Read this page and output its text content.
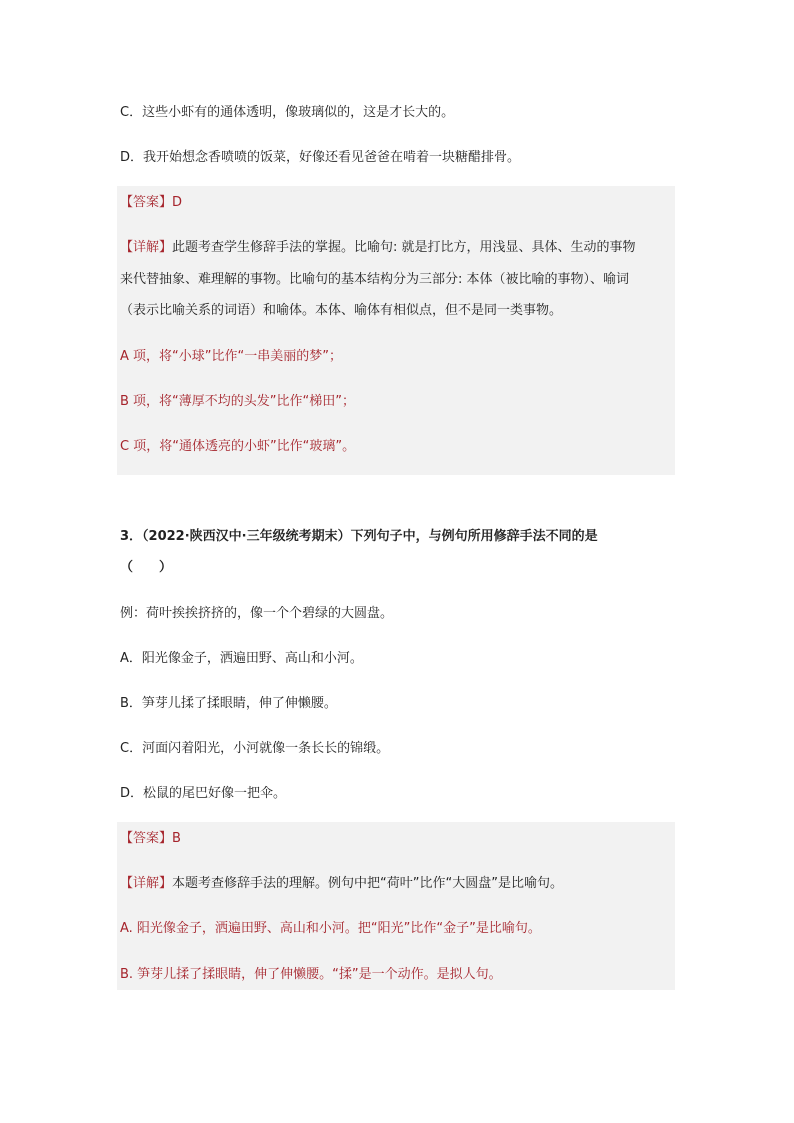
C．这些小虾有的通体透明，像玻璃似的，这是才长大的。
D．我开始想念香喷喷的饭菜，好像还看见爸爸在啃着一块糖醋排骨。
【答案】D
【详解】此题考查学生修辞手法的掌握。比喻句: 就是打比方，用浅显、具体、生动的事物
来代替抽象、难理解的事物。比喻句的基本结构分为三部分: 本体（被比喻的事物）、喻词
（表示比喻关系的词语）和喻体。本体、喻体有相似点，但不是同一类事物。
A 项，将“小球”比作“一串美丽的梦”；
B 项，将“薄厚不均的头发”比作“梯田”；
C 项，将“通体透亮的小虾”比作“玻璃”。
3．（2022·陕西汉中·三年级统考期末）下列句子中，与例句所用修辞手法不同的是
（　　）
例：荷叶挨挨挤挤的，像一个个碧绿的大圆盘。
A．阳光像金子，洒遍田野、高山和小河。
B．笋芽儿揉了揉眼睛，伸了伸懒腰。
C．河面闪着阳光，小河就像一条长长的锦缎。
D．松鼠的尾巴好像一把伞。
【答案】B
【详解】本题考查修辞手法的理解。例句中把“荷叶”比作“大圆盘”是比喻句。
A. 阳光像金子，洒遍田野、高山和小河。把“阳光”比作“金子”是比喻句。
B. 笋芽儿揉了揉眼睛，伸了伸懒腰。“揉”是一个动作。是拟人句。
